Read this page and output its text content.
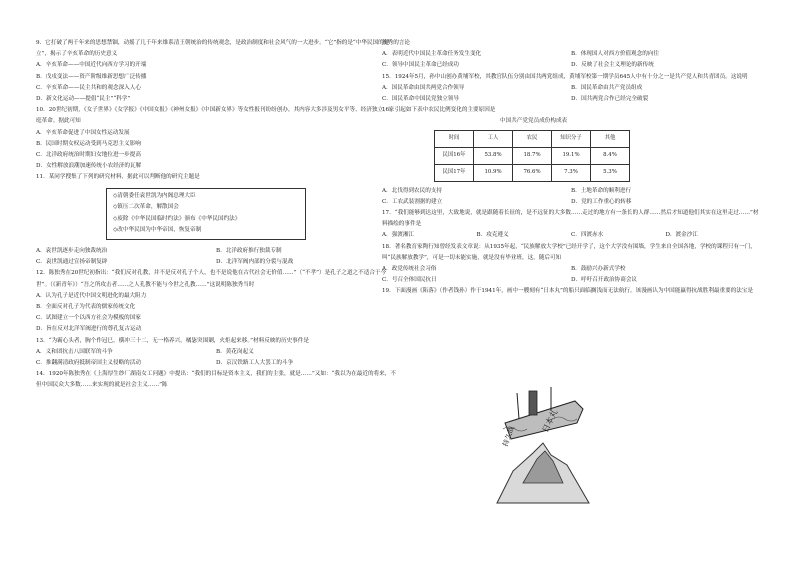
9．它打破了两千年来的思想禁锢，动摇了几千年来维系清王朝统治的传统观念，是政治制度和社会风气的一大进步。“它”指的是“中华民国的建立”，揭示了辛亥革命的历史意义

A．辛亥革命——中国近代向西方学习的开端
B．戊戌变法——资产阶级维新思想广泛传播
C．辛亥革命——民主共和的观念深入人心
D．新文化运动——提倡“民主”“科学”

10．20世纪初期，《女子世界》《女学报》《中国女报》《神州女报》《中国新女界》等女性报刊纷纷创办，其内容大多涉及男女平等、经济独立、家庭革命。据此可知

A．辛亥革命促进了中国女性运动发展
B．民国时期女权运动受到马克思主义影响
C．北洋政府统治时期妇女地位进一步提高
D．女性解放浪潮加速传统小农经济的瓦解

11．某同学搜集了下列的研究材料，据此可以判断他的研究主题是

◇清朝委任袁世凯为内阁总理大臣
◇镇压二次革命，解散国会
◇废除《中华民国临时约法》颁布《中华民国约法》
◇改中华民国为中华帝国，恢复帝制
A．袁世凯逐步走向独裁统治	B．北洋政府推行独裁专制
C．袁世凯通过宣扬帝制复辟	D．北洋军阀内部的分裂与混战

12．陈独秀在20世纪初指出：“我们反对孔教，并不是反对孔子个人，也不是说他在古代社会无价值……”（“不孝”）是孔子之道之不适合于今世”。（《新青年》）“吾之所攻击者……之人孔教不能与今世之孔教……”这说明陈独秀当时

A．认为孔子是近代中国文明进化的最大阻力
B．全面反对孔子为代表的儒家传统文化
C．试图建立一个以西方社会为模板的国家
D．旨在反对北洋军阀进行的尊孔复古运动

13．“为霸心头者，胸个作冠巳，横冲三十二，无一格养兴。橘毖突围剿，火炬起来移。”材料反映的历史事件是

A．义和团抗击八国联军的斗争	B．黄花岗起义
C．推翻满清政府抵制帝国主义侵略的活动	D．京汉铁路工人大罢工的斗争

14．1920年陈独秀在《上海厚生纱厂湖南女工问题》中提出：“我们的目标是资本主义，我们的主张，就是……”又如：“我以为在最近的将来，不但中国民众大多数……来实现的就是社会主义……”陈

独秀的言论

A．表明近代中国民主革命任务发生变化	B．体现国人对西方价值观念的向往
C．领导中国民主革命已经成功	D．反映了社会主义理论的新传统

15．1924年5月，孙中山创办黄埔军校，其教官队伍分别由国共两党组成，黄埔军校第一期学员645人中有十分之一是共产党人和共青团员。这说明

A．国民革命由国共两党合作领导	B．国民革命由共产党员组成
C．国民革命中国民党独立领导	D．国共两党合作已经完全破裂

16．引起如下表中农民比例变化的主要原因是

中国共产党党员成份构成表
时间	工人	农民	知识分子	其他
民国16年	53.8%	18.7%	19.1%	8.4%
民国17年	10.9%	76.6%	7.3%	5.3%
A．北伐得到农民的支持	B．土地革命的顺利进行
C．工农武装割据的建立	D．党的工作重心的转移

17．“我们能够到达这里，大致地说，就是跟随着长征的，是不远征的大多数……走过的地方有一条长的人群……然后才知道他们其实在这里走过……”材料描绘的事件是

A．强渡湘江	B．攻克遵义	C．四渡赤水	D．渡金沙江

18．著名教育家陶行知曾经发表文章说：从1935年起，“民族解放大学校”已经开学了，这个大学没有围墙，学生来自全国各地，学校的课程只有一门，叫“民族解放教学”，可是一切未能实施，就是没有毕业班，这，随后可知

A．政党传统社会习俗	B．鼓励兴办新式学校
C．号召全体国民抗日	D．呼吁召开政治协商会议

19．下面漫画《陷落》（作者钱孙）作于1941年，画中一艘刻有“日本丸”的船只面临搁浅而无法航行。该漫画认为中国能赢得抗战胜利最重要的法宝是

日本丸
持久战
